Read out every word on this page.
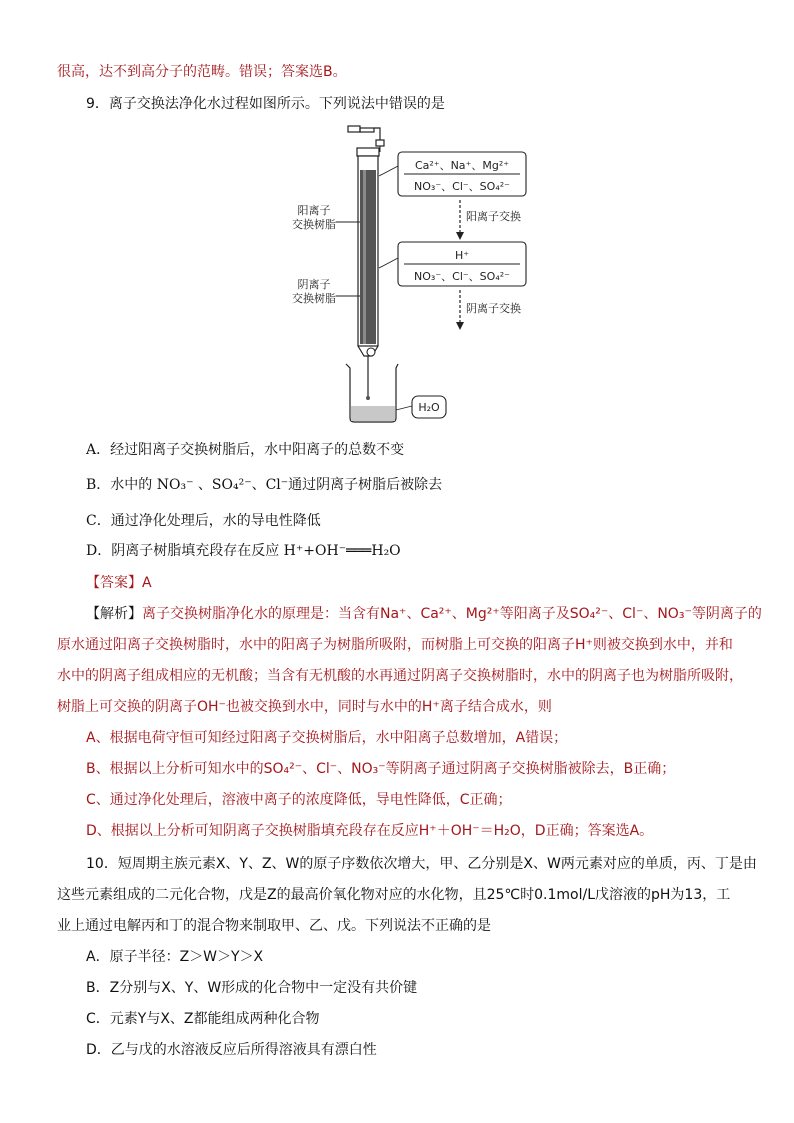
很高，达不到高分子的范畴。错误；答案选B。
9．离子交换法净化水过程如图所示。下列说法中错误的是
阳离子
交换树脂
阴离子
交换树脂
Ca²⁺、Na⁺、Mg²⁺
NO₃⁻、Cl⁻、SO₄²⁻
阳离子交换
H⁺
NO₃⁻、Cl⁻、SO₄²⁻
阴离子交换
H₂O
A．经过阳离子交换树脂后，水中阳离子的总数不变
B．水中的 NO₃⁻ 、SO₄²⁻、Cl⁻通过阴离子树脂后被除去
C．通过净化处理后，水的导电性降低
D．阴离子树脂填充段存在反应 H⁺+OH⁻═══H₂O
【答案】A
【解析】离子交换树脂净化水的原理是：当含有Na⁺、Ca²⁺、Mg²⁺等阳离子及SO₄²⁻、Cl⁻、NO₃⁻等阴离子的
原水通过阳离子交换树脂时，水中的阳离子为树脂所吸附，而树脂上可交换的阳离子H⁺则被交换到水中，并和
水中的阴离子组成相应的无机酸；当含有无机酸的水再通过阴离子交换树脂时，水中的阴离子也为树脂所吸附，
树脂上可交换的阴离子OH⁻也被交换到水中，同时与水中的H⁺离子结合成水，则
A、根据电荷守恒可知经过阳离子交换树脂后，水中阳离子总数增加，A错误；
B、根据以上分析可知水中的SO₄²⁻、Cl⁻、NO₃⁻等阴离子通过阴离子交换树脂被除去，B正确；
C、通过净化处理后，溶液中离子的浓度降低，导电性降低，C正确；
D、根据以上分析可知阴离子交换树脂填充段存在反应H⁺＋OH⁻＝H₂O，D正确；答案选A。
10．短周期主族元素X、Y、Z、W的原子序数依次增大，甲、乙分别是X、W两元素对应的单质，丙、丁是由
这些元素组成的二元化合物，戊是Z的最高价氧化物对应的水化物，且25℃时0.1mol/L戊溶液的pH为13，工
业上通过电解丙和丁的混合物来制取甲、乙、戊。下列说法不正确的是
A．原子半径：Z＞W＞Y＞X
B．Z分别与X、Y、W形成的化合物中一定没有共价键
C．元素Y与X、Z都能组成两种化合物
D．乙与戊的水溶液反应后所得溶液具有漂白性
